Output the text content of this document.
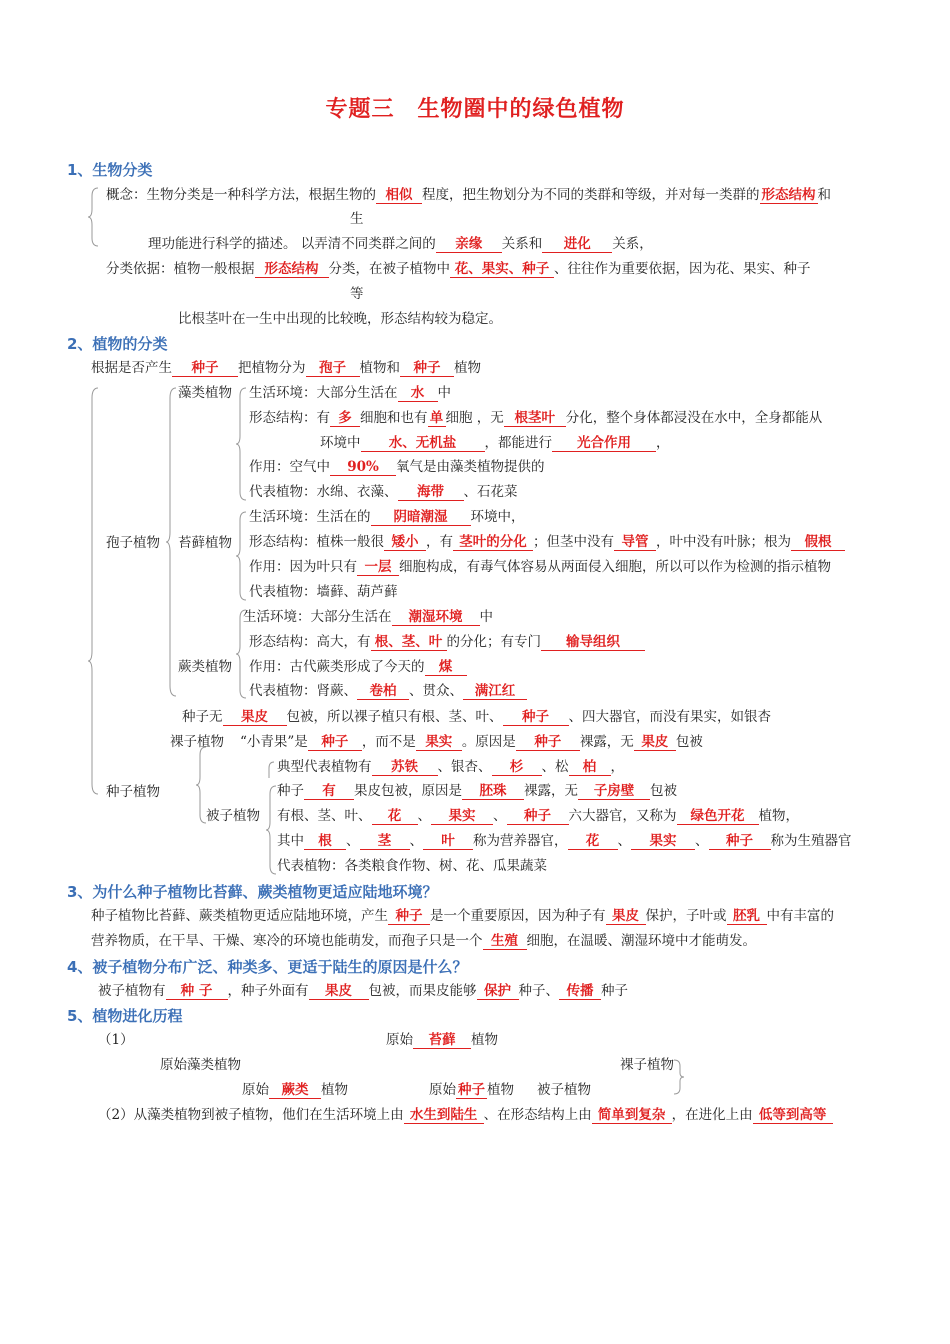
专题三　生物圈中的绿色植物
1、生物分类
概念：生物分类是一种科学方法，根据生物的 相似 程度，把生物划分为不同的类群和等级，并对每一类群的 形态结构 和
生
理功能进行科学的描述。 以弄清不同类群之间的 亲缘 关系和 进化 关系，
分类依据：植物一般根据 形态结构 分类，在被子植物中 花、果实、种子 、往往作为重要依据，因为花、果实、种子
等
比根茎叶在一生中出现的比较晚，形态结构较为稳定。
2、植物的分类
根据是否产生 种子 把植物分为 孢子 植物和 种子 植物
孢子植物
种子植物
藻类植物 生活环境：大部分生活在 水 中
形态结构：有 多 细胞和也有 单 细胞 ，无 根茎叶 分化，整个身体都浸没在水中，全身都能从
环境中 水、无机盐 ，都能进行 光合作用 ，
作用：空气中 90% 氧气是由藻类植物提供的
代表植物：水绵、衣藻、 海带 、石花菜
苔藓植物
生活环境：生活在的 阴暗潮湿 环境中，
形态结构：植株一般很 矮小 ，有 茎叶的分化 ；但茎中没有 导管 ，叶中没有叶脉；根为 假根
作用：因为叶只有 一层 细胞构成，有毒气体容易从两面侵入细胞，所以可以作为检测的指示植物
代表植物：墙藓、葫芦藓
蕨类植物
生活环境：大部分生活在 潮湿环境 中
形态结构：高大，有 根、茎、叶 的分化；有专门 输导组织
作用：古代蕨类形成了今天的 煤
代表植物：肾蕨、 卷柏 、贯众、 满江红
裸子植物
种子无 果皮 包被，所以裸子植只有根、茎、叶、 种子 、四大器官，而没有果实，如银杏
“小青果”是 种子 ，而不是 果实 。原因是 种子 裸露，无 果皮 包被
典型代表植物有 苏铁 、银杏、 杉 、松 柏 ，
被子植物
种子 有 果皮包被，原因是 胚珠 裸露，无 子房壁 包被
有根、茎、叶、 花 、 果实 、 种子 六大器官，又称为 绿色开花 植物，
其中 根 、 茎 、 叶 称为营养器官， 花 、 果实 、 种子 称为生殖器官
代表植物：各类粮食作物、树、花、瓜果蔬菜
3、为什么种子植物比苔藓、蕨类植物更适应陆地环境？
种子植物比苔藓、蕨类植物更适应陆地环境，产生 种子 是一个重要原因，因为种子有 果皮 保护，子叶或 胚乳 中有丰富的
营养物质，在干旱、干燥、寒冷的环境也能萌发，而孢子只是一个 生殖 细胞，在温暖、潮湿环境中才能萌发。
4、被子植物分布广泛、种类多、更适于陆生的原因是什么？
被子植物有 种 子 ，种子外面有 果皮 包被，而果皮能够 保护 种子、 传播 种子
5、植物进化历程
（1）	原始 苔藓 植物
原始藻类植物	裸子植物
原始 蕨类 植物	原始 种子 植物 被子植物
（2）从藻类植物到被子植物，他们在生活环境上由 水生到陆生 、在形态结构上由 简单到复杂 ，在进化上由 低等到高等
